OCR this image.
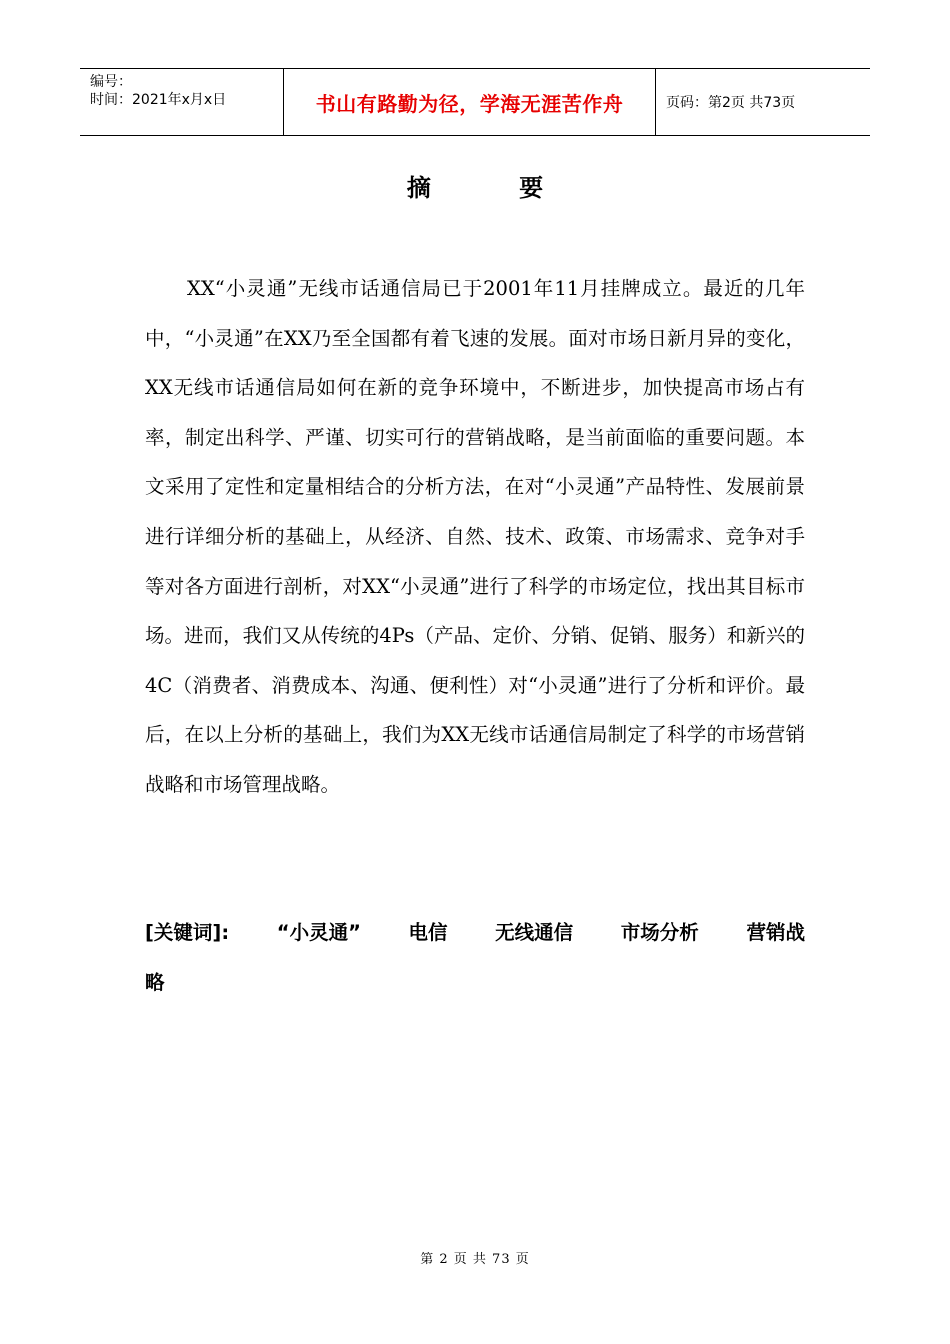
编号：
时间：2021年x月x日	书山有路勤为径，学海无涯苦作舟	页码：第2页 共73页
摘 要
XX“小灵通”无线市话通信局已于2001年11月挂牌成立。最近的几年中，“小灵通”在XX乃至全国都有着飞速的发展。面对市场日新月异的变化，XX无线市话通信局如何在新的竞争环境中，不断进步，加快提高市场占有率，制定出科学、严谨、切实可行的营销战略，是当前面临的重要问题。本文采用了定性和定量相结合的分析方法，在对“小灵通”产品特性、发展前景进行详细分析的基础上，从经济、自然、技术、政策、市场需求、竞争对手等对各方面进行剖析，对XX“小灵通”进行了科学的市场定位，找出其目标市场。进而，我们又从传统的4Ps（产品、定价、分销、促销、服务）和新兴的4C（消费者、消费成本、沟通、便利性）对“小灵通”进行了分析和评价。最后，在以上分析的基础上，我们为XX无线市话通信局制定了科学的市场营销战略和市场管理战略。
[关键词]: “小灵通” 电信 无线通信 市场分析 营销战
略
第 2 页 共 73 页
